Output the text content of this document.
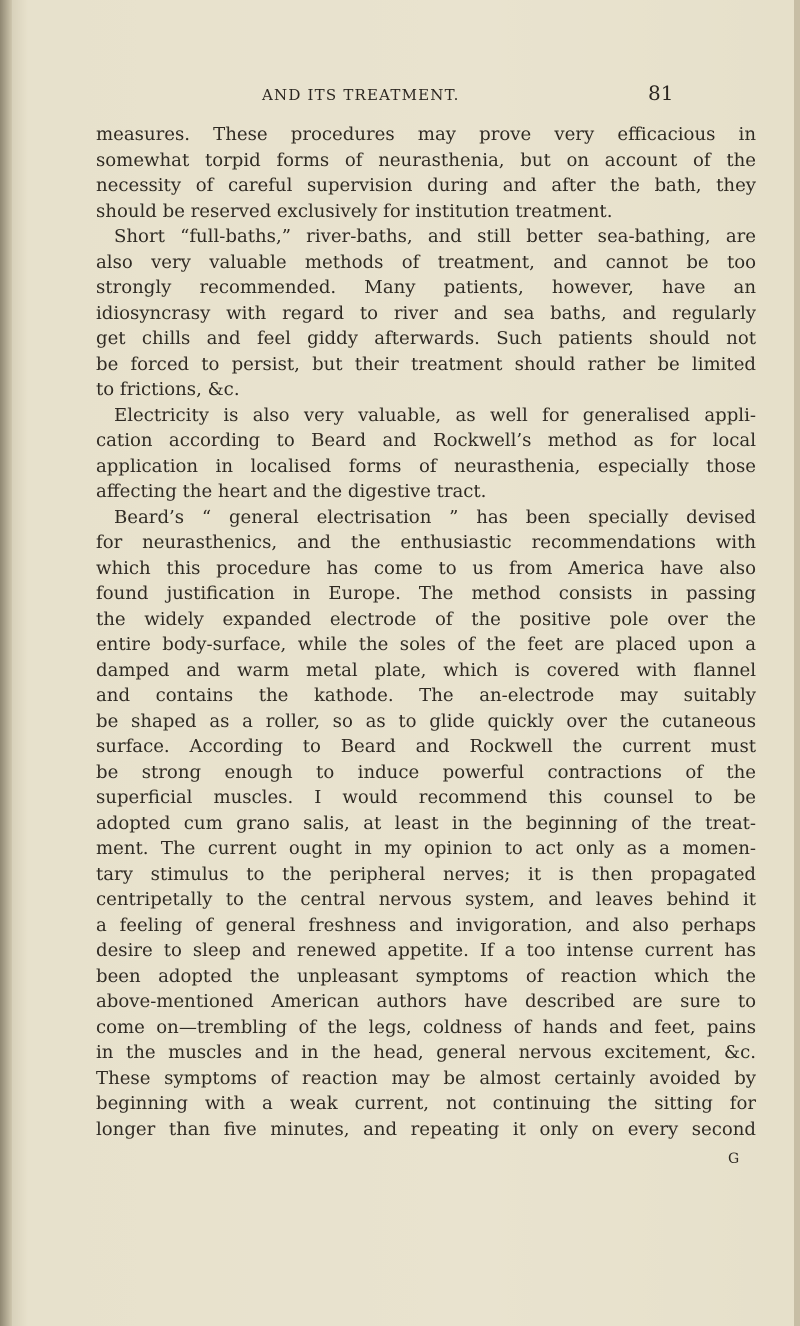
AND ITS TREATMENT.	81
measures. These procedures may prove very efficacious in
somewhat torpid forms of neurasthenia, but on account of the
necessity of careful supervision during and after the bath, they
should be reserved exclusively for institution treatment.
Short “full-baths,” river-baths, and still better sea-bathing, are
also very valuable methods of treatment, and cannot be too
strongly recommended. Many patients, however, have an
idiosyncrasy with regard to river and sea baths, and regularly
get chills and feel giddy afterwards. Such patients should not
be forced to persist, but their treatment should rather be limited
to frictions, &c.
Electricity is also very valuable, as well for generalised appli-
cation according to Beard and Rockwell’s method as for local
application in localised forms of neurasthenia, especially those
affecting the heart and the digestive tract.
Beard’s “ general electrisation ” has been specially devised
for neurasthenics, and the enthusiastic recommendations with
which this procedure has come to us from America have also
found justification in Europe. The method consists in passing
the widely expanded electrode of the positive pole over the
entire body-surface, while the soles of the feet are placed upon a
damped and warm metal plate, which is covered with flannel
and contains the kathode. The an-electrode may suitably
be shaped as a roller, so as to glide quickly over the cutaneous
surface. According to Beard and Rockwell the current must
be strong enough to induce powerful contractions of the
superficial muscles. I would recommend this counsel to be
adopted cum grano salis, at least in the beginning of the treat-
ment. The current ought in my opinion to act only as a momen-
tary stimulus to the peripheral nerves; it is then propagated
centripetally to the central nervous system, and leaves behind it
a feeling of general freshness and invigoration, and also perhaps
desire to sleep and renewed appetite. If a too intense current has
been adopted the unpleasant symptoms of reaction which the
above-mentioned American authors have described are sure to
come on—trembling of the legs, coldness of hands and feet, pains
in the muscles and in the head, general nervous excitement, &c.
These symptoms of reaction may be almost certainly avoided by
beginning with a weak current, not continuing the sitting for
longer than five minutes, and repeating it only on every second
G
